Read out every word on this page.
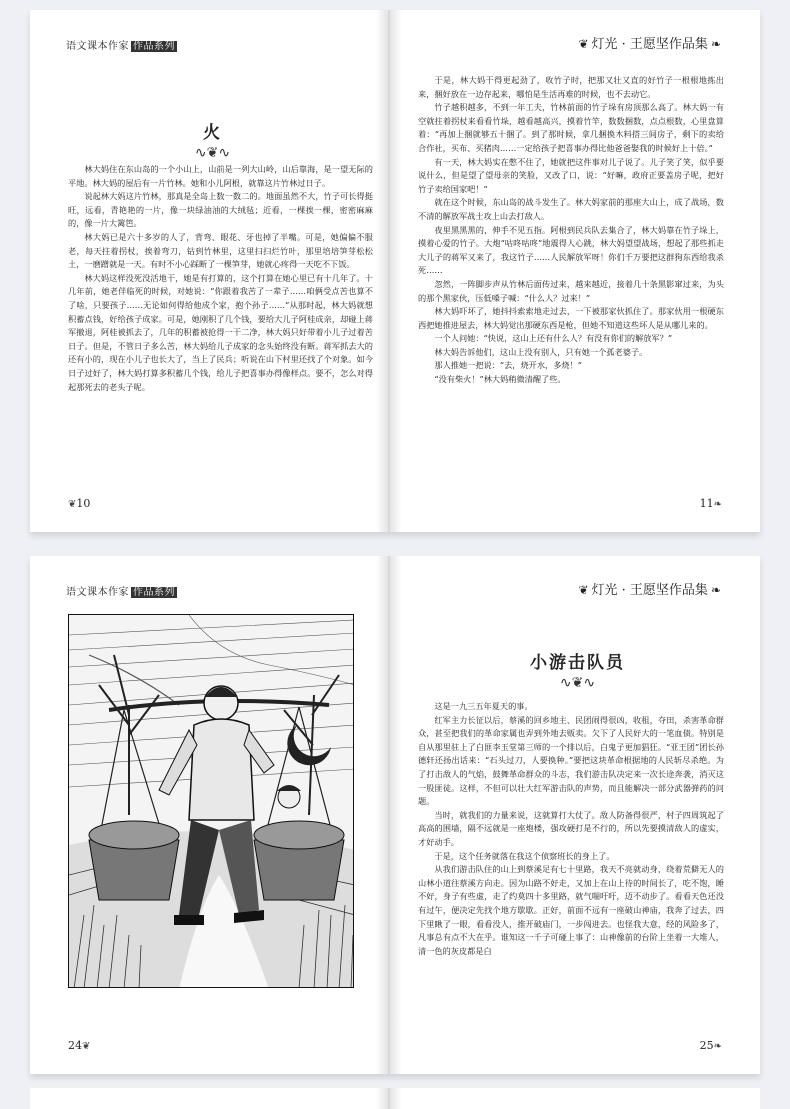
语文课本作家 作品系列
火
∿❦∿

林大妈住在东山岛的一个小山上，山前是一列大山岭，山后靠海，是一望无际的平地。林大妈的屋后有一片竹林。她和小儿阿根，就靠这片竹林过日子。

说起林大妈这片竹林，那真是全岛上数一数二的。地面虽然不大，竹子可长得挺旺，远看，青艳艳的一片，像一块绿油油的大绒毡；近看，一棵挨一棵，密密麻麻的，像一片大篱笆。

林大妈已是六十多岁的人了，背弯、眼花、牙也掉了半嘴。可是，她偏偏不服老，每天拄着拐杖，挨着弯刀，钻到竹林里，这里扫扫烂竹叶，那里培培笋芽松松土，一磨蹭就是一天。有时不小心踩断了一棵笋芽，她就心疼得一天吃不下饭。

林大妈这样没死没活地干，她是有打算的，这个打算在她心里已有十几年了。十几年前，她老伴临死的时候，对她说：“你跟着我苦了一辈子……咱俩受点苦也算不了啥，只要孩子……无论如何得给他成个家，抱个孙子……”从那时起，林大妈就想积蓄点钱，好给孩子成家。可是，她刚积了几个钱，要给大儿子阿桂成亲，却碰上蒋军撤退，阿桂被抓去了，几年的积蓄被抢得一干二净，林大妈只好带着小儿子过着苦日子。但是，不管日子多么苦，林大妈给儿子成家的念头始终没有断。蒋军抓去大的还有小的，现在小儿子也长大了，当上了民兵；听说在山下村里还找了个对象。如今日子过好了，林大妈打算多积蓄几个钱，给儿子把喜事办得像样点。要不，怎么对得起那死去的老头子呢。

❦10
❦ 灯光 · 王愿坚作品集 ❧

于是，林大妈干得更起劲了，收竹子时，把那又壮又直的好竹子一根根地拣出来，捆好放在一边存起来，哪怕是生活再难的时候，也不去动它。

竹子越积越多，不到一年工夫，竹林前面的竹子垛有房顶那么高了。林大妈一有空就拄着拐杖来看看竹垛，越看越高兴，摸着竹竿，数数捆数，点点根数，心里盘算着：“再加上捆就够五十捆了。到了那时候，拿几捆换木料搭三间房子，剩下的卖给合作社，买布、买猪肉……一定给孩子把喜事办得比他爸爸娶我的时候好上十倍。”

有一天，林大妈实在憋不住了，她就把这件事对儿子说了。儿子笑了笑，似乎要说什么，但是望了望母亲的笑脸，又改了口，说：“好嘛，政府正要盖房子呢，把好竹子卖给国家吧！”

就在这个时候，东山岛的战斗发生了。林大妈家前的那座大山上，成了战场，数不清的解放军战士攻上山去打敌人。

夜里黑黑黑的，伸手不见五指。阿根到民兵队去集合了，林大妈靠在竹子垛上，摸着心爱的竹子。大炮“咕咚咕咚”地震得人心跳，林大妈望望战场，想起了那些抓走大儿子的蒋军又来了，我这竹子……人民解放军呀！你们千万要把这群狗东西给我杀死……

忽然，一阵脚步声从竹林后面传过来，越来越近，接着几十条黑影窜过来，为头的那个黑家伙，压低嗓子喊：“什么人？过来！”

林大妈吓坏了，她抖抖索索地走过去，一下被那家伙抓住了。那家伙用一根硬东西把她推进屋去，林大妈觉出那硬东西是枪，但她不知道这些坏人是从哪儿来的。

一个人问她：“快说，这山上还有什么人？有没有你们的解放军？”

林大妈告诉他们，这山上没有别人，只有她一个孤老婆子。

那人推她一把说：“去，烧开水，多烧！”

“没有柴火！”林大妈稍微清醒了些。

11❧
语文课本作家 作品系列
24❦
❦ 灯光 · 王愿坚作品集 ❧
小游击队员
∿❦∿

这是一九三五年夏天的事。

红军主力长征以后，蔡溪的回乡地主、民团闹得很凶，收租，夺田，杀害革命群众，甚至把我们的革命家属也弄到外地去贩卖。欠下了人民好大的一笔血债。特别是自从那里驻上了白匪李玉堂第三师的一个排以后，白鬼子更加猖狂。“亚王团”团长孙德轩还扬出话来：“石头过刀，人要换种。”要把这块革命根据地的人民斩尽杀绝。为了打击敌人的气焰，鼓舞革命群众的斗志，我们游击队决定来一次长途奔袭，消灭这一股匪徒。这样，不但可以壮大红军游击队的声势，而且能解决一部分武器弹药的问题。

当时，就我们的力量来说，这就算打大仗了。敌人防备得很严，村子四周筑起了高高的围墙，隔不远就是一座炮楼，强攻硬打是不行的，所以先要摸清敌人的虚实，才好动手。

于是，这个任务就落在我这个侦察班长的身上了。

从我们游击队住的山上到蔡溪足有七十里路，我天不亮就动身，绕着荒僻无人的山林小道往蔡溪方向走。因为山路不好走，又加上在山上待的时间长了，吃不饱，睡不好，身子有些虚，走了约莫四十多里路，就气喘吁吁，迈不动步了。看看天色还没有过午，便决定先找个地方歇歇。正好，前面不远有一座破山神庙，我奔了过去，四下里瞅了一眼，看看没人，推开破庙门，一步闯进去。也怪我大意，经的风险多了，凡事总有点不大在乎。谁知这一千子可碰上事了：山神像前的台阶上坐着一大堆人，清一色的灰皮都是白

25❧
